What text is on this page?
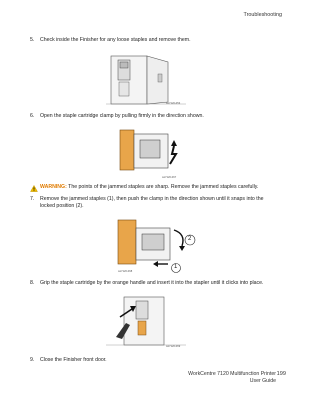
Troubleshooting
5. Check inside the Finisher for any loose staples and remove them.
wc7120-053
6. Open the staple cartridge clamp by pulling firmly in the direction shown.
wc7120-067
WARNING: The points of the jammed staples are sharp. Remove the jammed staples carefully.
7. Remove the jammed staples (1), then push the clamp in the direction shown until it snaps into the locked position (2).
2
1
wc7120-068
8. Grip the staple cartridge by the orange handle and insert it into the stapler until it clicks into place.
wc7120-069
9. Close the Finisher front door.
WorkCentre 7120 Multifunction Printer
User Guide
199
